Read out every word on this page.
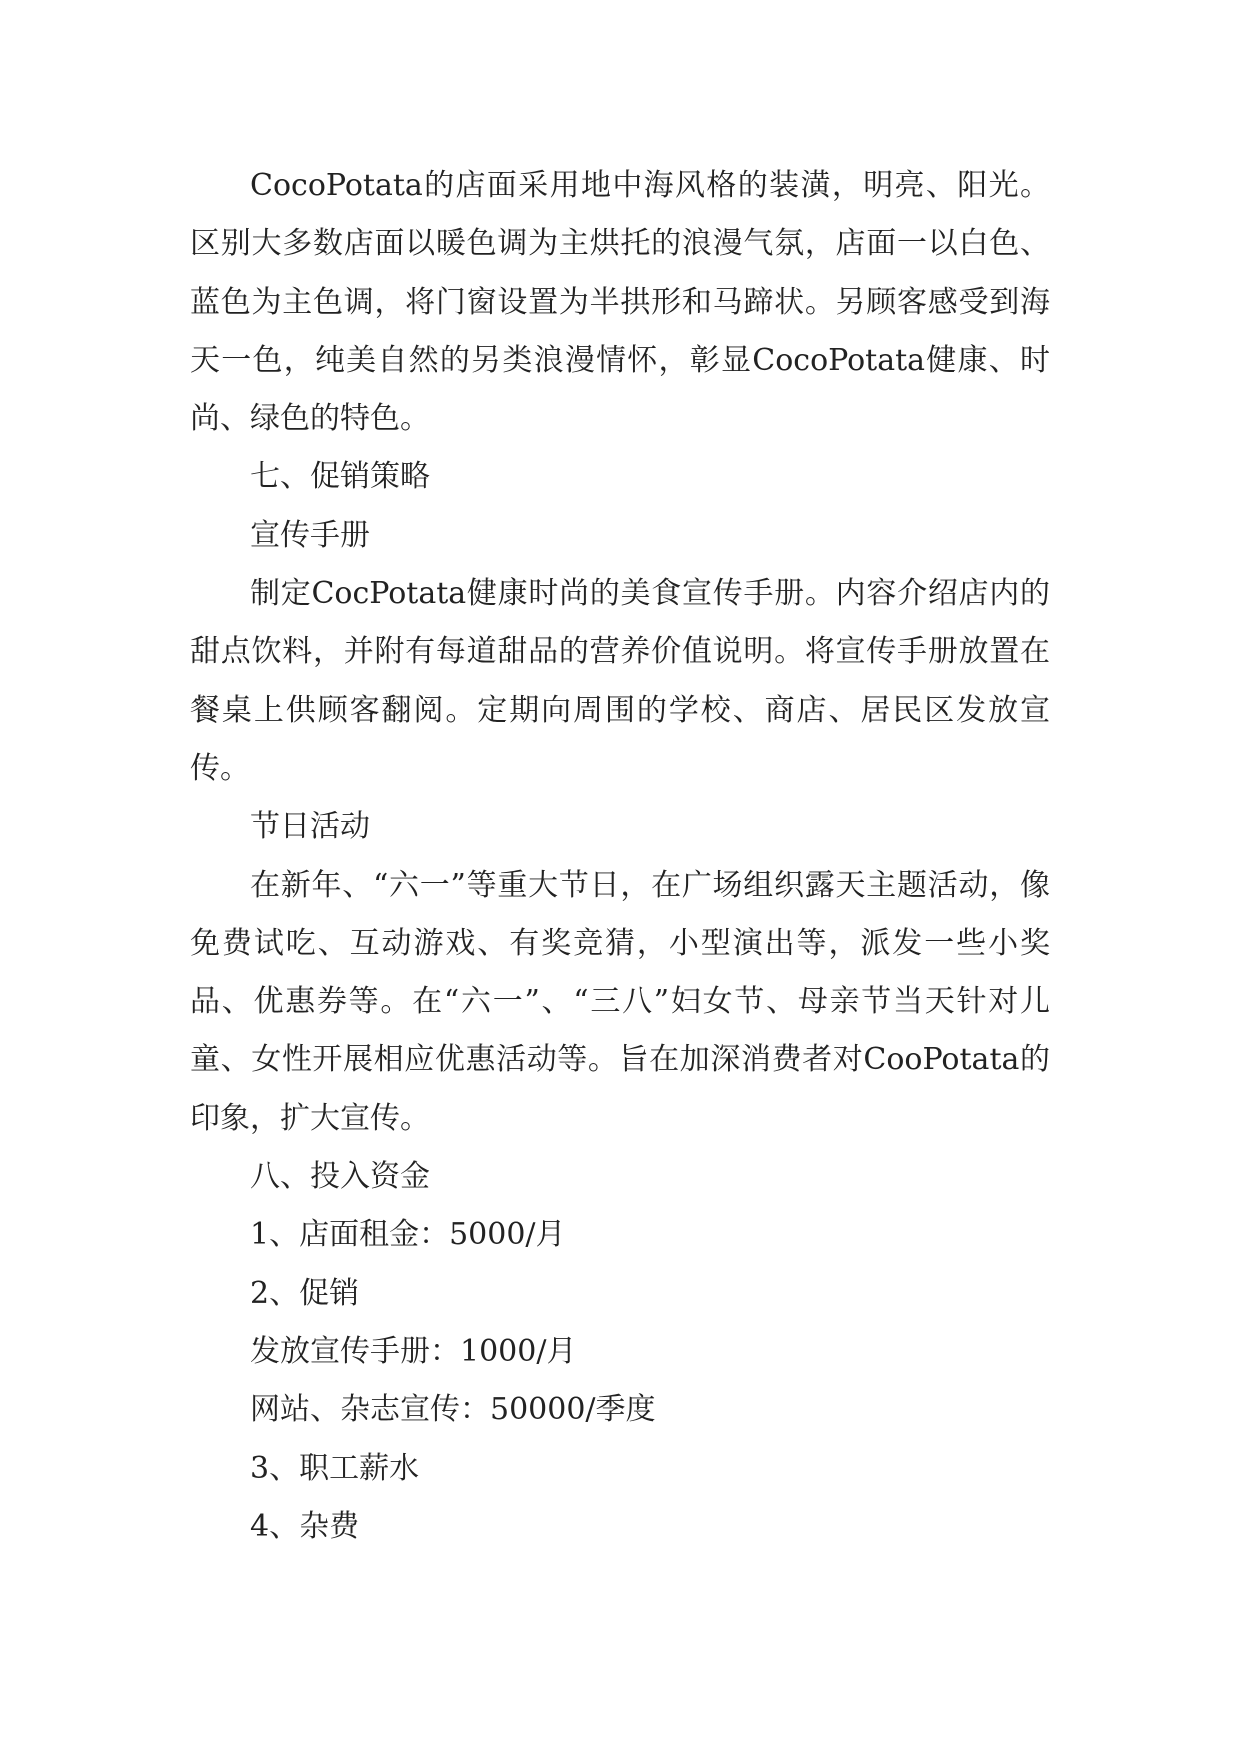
CocoPotata的店面采用地中海风格的装潢，明亮、阳光。区别大多数店面以暖色调为主烘托的浪漫气氛，店面一以白色、蓝色为主色调，将门窗设置为半拱形和马蹄状。另顾客感受到海天一色，纯美自然的另类浪漫情怀，彰显CocoPotata健康、时尚、绿色的特色。

七、促销策略

宣传手册

制定CocPotata健康时尚的美食宣传手册。内容介绍店内的甜点饮料，并附有每道甜品的营养价值说明。将宣传手册放置在餐桌上供顾客翻阅。定期向周围的学校、商店、居民区发放宣传。

节日活动

在新年、“六一”等重大节日，在广场组织露天主题活动，像免费试吃、互动游戏、有奖竞猜，小型演出等，派发一些小奖品、优惠券等。在“六一”、“三八”妇女节、母亲节当天针对儿童、女性开展相应优惠活动等。旨在加深消费者对CooPotata的印象，扩大宣传。

八、投入资金

1、店面租金：5000/月

2、促销

发放宣传手册：1000/月

网站、杂志宣传：50000/季度

3、职工薪水

4、杂费
